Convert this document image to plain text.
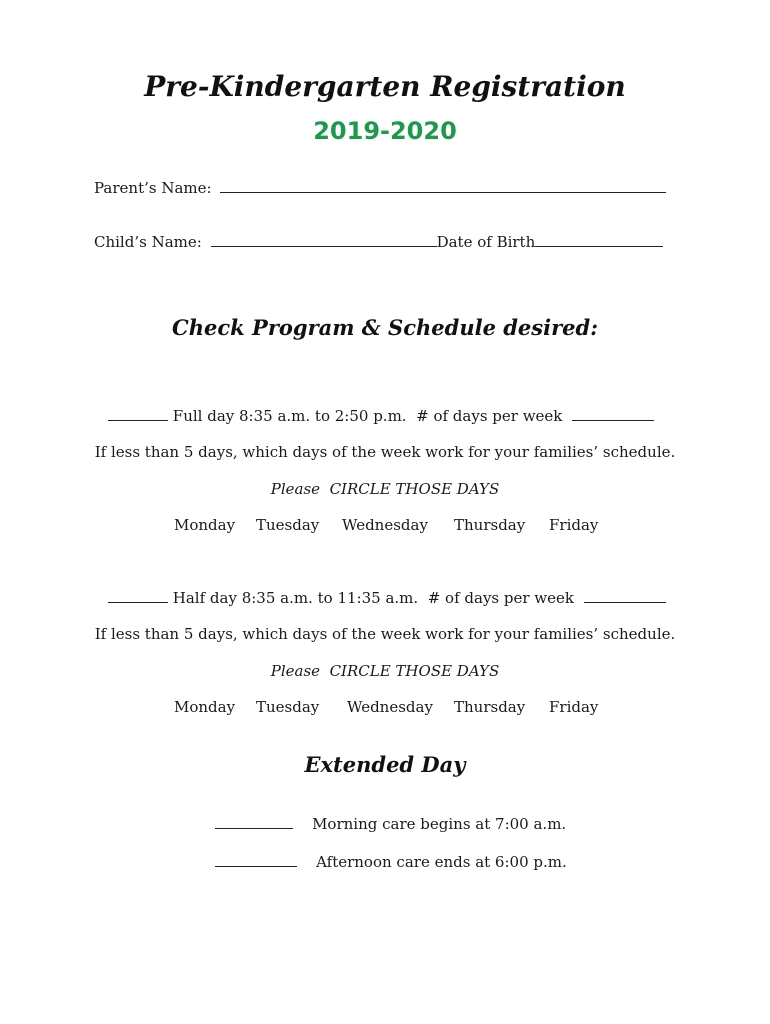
Pre-Kindergarten Registration
2019-2020
Parent’s Name:
Child’s Name:	Date of Birth
Check Program & Schedule desired:
Full day 8:35 a.m. to 2:50 p.m. # of days per week
If less than 5 days, which days of the week work for your families’ schedule.
Please CIRCLE THOSE DAYS
Monday Tuesday Wednesday Thursday Friday
Half day 8:35 a.m. to 11:35 a.m. # of days per week
If less than 5 days, which days of the week work for your families’ schedule.
Please CIRCLE THOSE DAYS
Monday Tuesday Wednesday Thursday Friday
Extended Day
Morning care begins at 7:00 a.m.
Afternoon care ends at 6:00 p.m.
